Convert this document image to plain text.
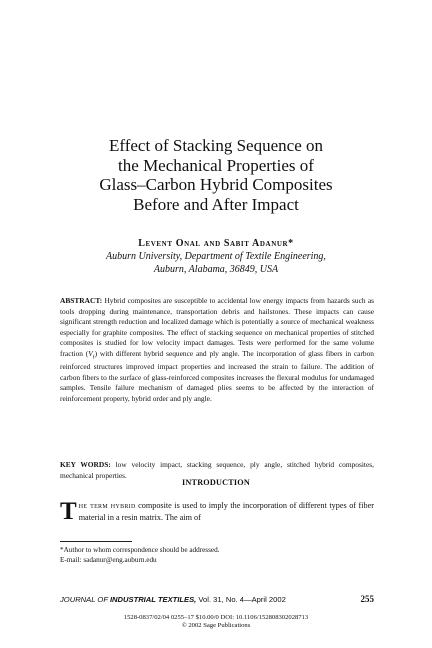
Effect of Stacking Sequence on
the Mechanical Properties of
Glass–Carbon Hybrid Composites
Before and After Impact
Levent Onal and Sabit Adanur*
Auburn University, Department of Textile Engineering,
Auburn, Alabama, 36849, USA
ABSTRACT: Hybrid composites are susceptible to accidental low energy impacts from hazards such as tools dropping during maintenance, transportation debris and hailstones. These impacts can cause significant strength reduction and localized damage which is potentially a source of mechanical weakness especially for graphite composites. The effect of stacking sequence on mechanical properties of stitched composites is studied for low velocity impact damages. Tests were performed for the same volume fraction $(V_f)$ with different hybrid sequence and ply angle. The incorporation of glass fibers in carbon reinforced structures improved impact properties and increased the strain to failure. The addition of carbon fibers to the surface of glass-reinforced composites increases the flexural modulus for undamaged samples. Tensile failure mechanism of damaged plies seems to be affected by the interaction of reinforcement property, hybrid order and ply angle.
KEY WORDS: low velocity impact, stacking sequence, ply angle, stitched hybrid composites, mechanical properties.
INTRODUCTION
The term hybrid composite is used to imply the incorporation of different types of fiber material in a resin matrix. The aim of
*Author to whom correspondence should be addressed.
E-mail: sadanur@eng.auburn.edu
JOURNAL OF INDUSTRIAL TEXTILES, Vol. 31, No. 4—April 2002	255
1528-0837/02/04 0255–17 $10.00/0 DOI: 10.1106/152808302028713
© 2002 Sage Publications
